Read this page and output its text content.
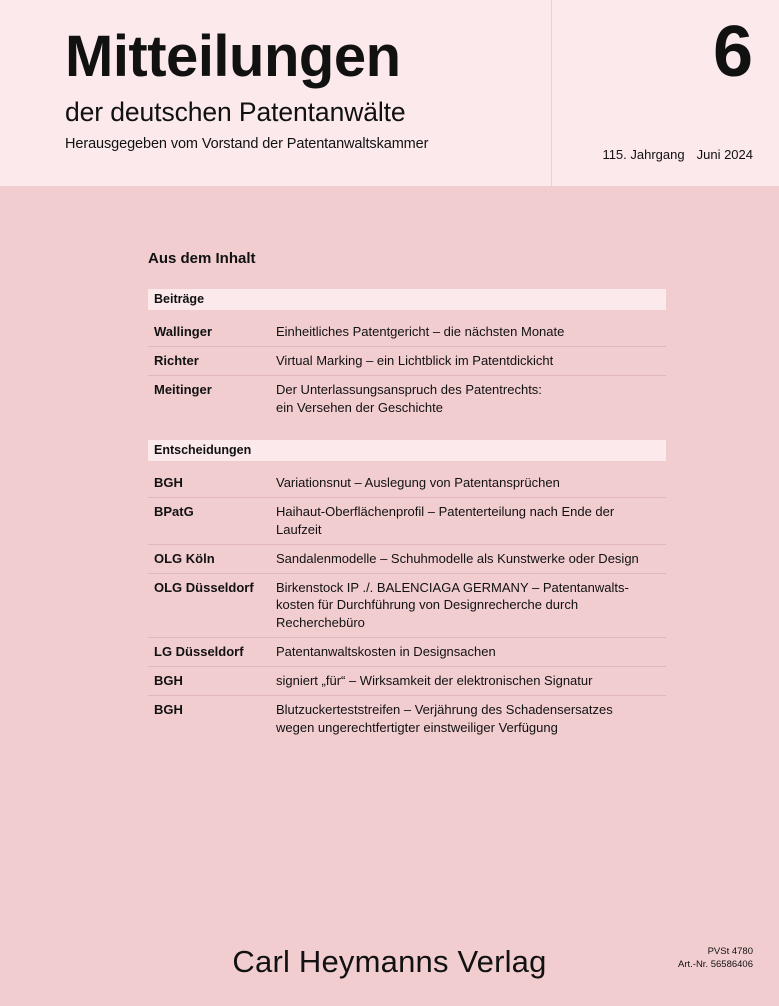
Mitteilungen
der deutschen Patentanwälte
Herausgegeben vom Vorstand der Patentanwaltskammer
6
115. Jahrgang Juni 2024
Aus dem Inhalt
Beiträge
Wallinger	Einheitliches Patentgericht – die nächsten Monate
Richter	Virtual Marking – ein Lichtblick im Patentdickicht
Meitinger	Der Unterlassungsanspruch des Patentrechts:
ein Versehen der Geschichte
Entscheidungen
BGH	Variationsnut – Auslegung von Patentansprüchen
BPatG	Haihaut-Oberflächenprofil – Patenterteilung nach Ende der
Laufzeit
OLG Köln	Sandalenmodelle – Schuhmodelle als Kunstwerke oder Design
OLG Düsseldorf	Birkenstock IP ./. BALENCIAGA GERMANY – Patentanwalts-
kosten für Durchführung von Designrecherche durch
Recherchebüro
LG Düsseldorf	Patentanwaltskosten in Designsachen
BGH	signiert „für“ – Wirksamkeit der elektronischen Signatur
BGH	Blutzuckerteststreifen – Verjährung des Schadensersatzes
wegen ungerechtfertigter einstweiliger Verfügung
Carl Heymanns Verlag	PVSt 4780
Art.-Nr. 56586406
